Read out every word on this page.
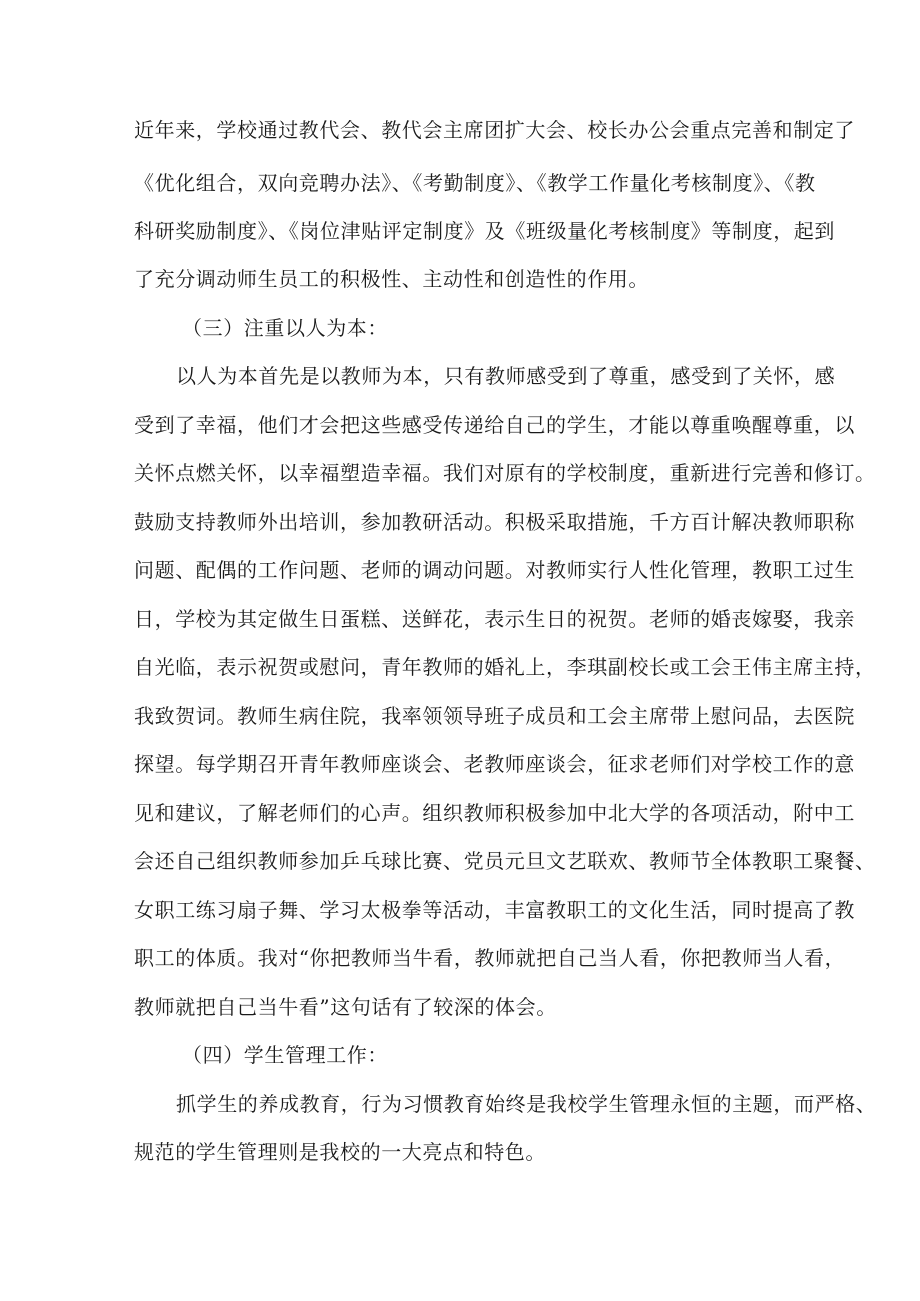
近年来，学校通过教代会、教代会主席团扩大会、校长办公会重点完善和制定了
《优化组合，双向竞聘办法》、《考勤制度》、《教学工作量化考核制度》、《教
科研奖励制度》、《岗位津贴评定制度》及《班级量化考核制度》等制度，起到
了充分调动师生员工的积极性、主动性和创造性的作用。
（三）注重以人为本：
以人为本首先是以教师为本，只有教师感受到了尊重，感受到了关怀，感
受到了幸福，他们才会把这些感受传递给自己的学生，才能以尊重唤醒尊重，以
关怀点燃关怀，以幸福塑造幸福。我们对原有的学校制度，重新进行完善和修订。
鼓励支持教师外出培训，参加教研活动。积极采取措施，千方百计解决教师职称
问题、配偶的工作问题、老师的调动问题。对教师实行人性化管理，教职工过生
日，学校为其定做生日蛋糕、送鲜花，表示生日的祝贺。老师的婚丧嫁娶，我亲
自光临，表示祝贺或慰问，青年教师的婚礼上，李琪副校长或工会王伟主席主持，
我致贺词。教师生病住院，我率领领导班子成员和工会主席带上慰问品，去医院
探望。每学期召开青年教师座谈会、老教师座谈会，征求老师们对学校工作的意
见和建议，了解老师们的心声。组织教师积极参加中北大学的各项活动，附中工
会还自己组织教师参加乒乓球比赛、党员元旦文艺联欢、教师节全体教职工聚餐、
女职工练习扇子舞、学习太极拳等活动，丰富教职工的文化生活，同时提高了教
职工的体质。我对“你把教师当牛看，教师就把自己当人看，你把教师当人看，
教师就把自己当牛看”这句话有了较深的体会。
（四）学生管理工作：
抓学生的养成教育，行为习惯教育始终是我校学生管理永恒的主题，而严格、
规范的学生管理则是我校的一大亮点和特色。
